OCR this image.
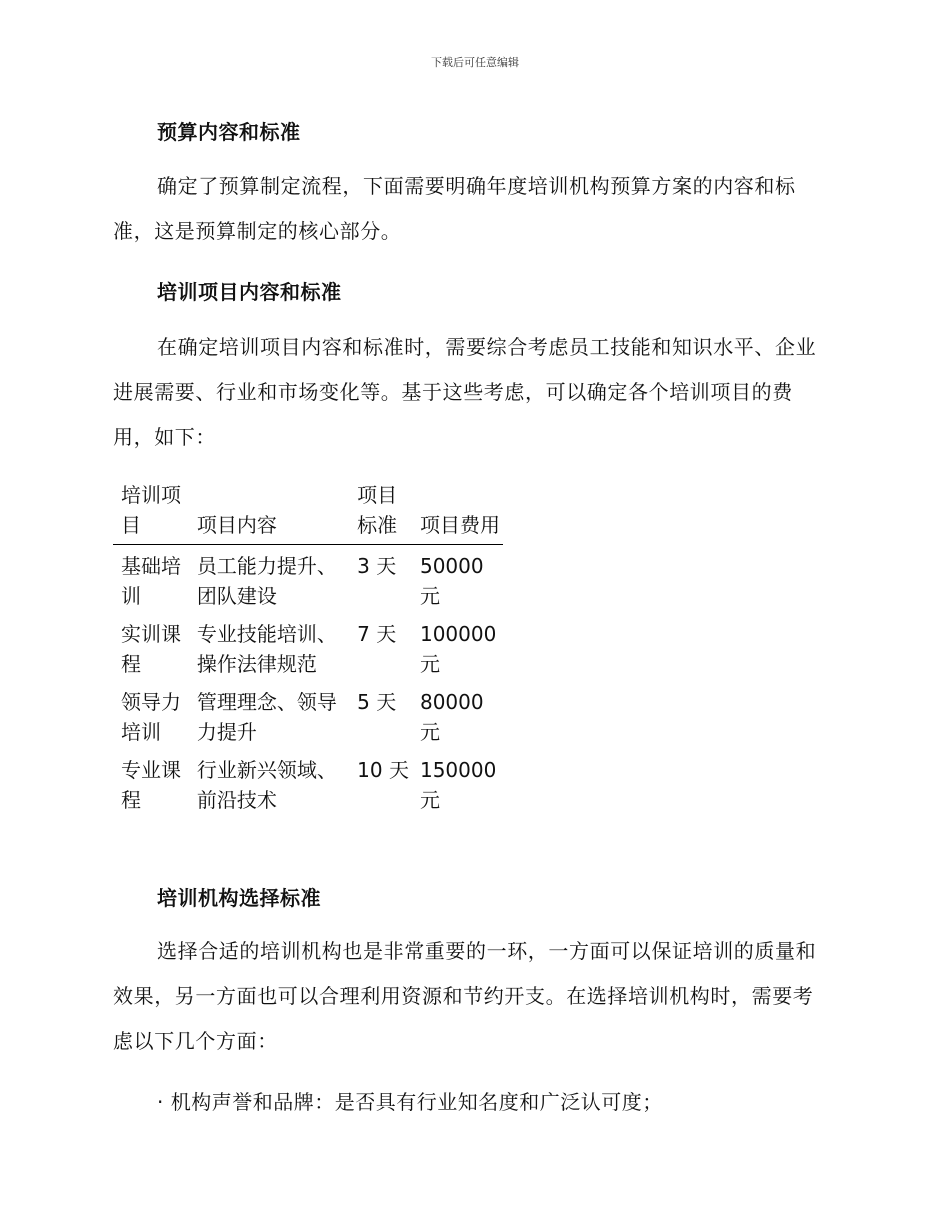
下载后可任意编辑
预算内容和标准

确定了预算制定流程，下面需要明确年度培训机构预算方案的内容和标准，这是预算制定的核心部分。

培训项目内容和标准

在确定培训项目内容和标准时，需要综合考虑员工技能和知识水平、企业进展需要、行业和市场变化等。基于这些考虑，可以确定各个培训项目的费用，如下：

培训项目	项目内容	项目标准	项目费用
基础培训	员工能力提升、团队建设	3 天	50000 元
实训课程	专业技能培训、操作法律规范	7 天	100000 元
领导力培训	管理理念、领导力提升	5 天	80000 元
专业课程	行业新兴领域、前沿技术	10 天	150000 元
培训机构选择标准

选择合适的培训机构也是非常重要的一环，一方面可以保证培训的质量和效果，另一方面也可以合理利用资源和节约开支。在选择培训机构时，需要考虑以下几个方面：

· 机构声誉和品牌：是否具有行业知名度和广泛认可度；
